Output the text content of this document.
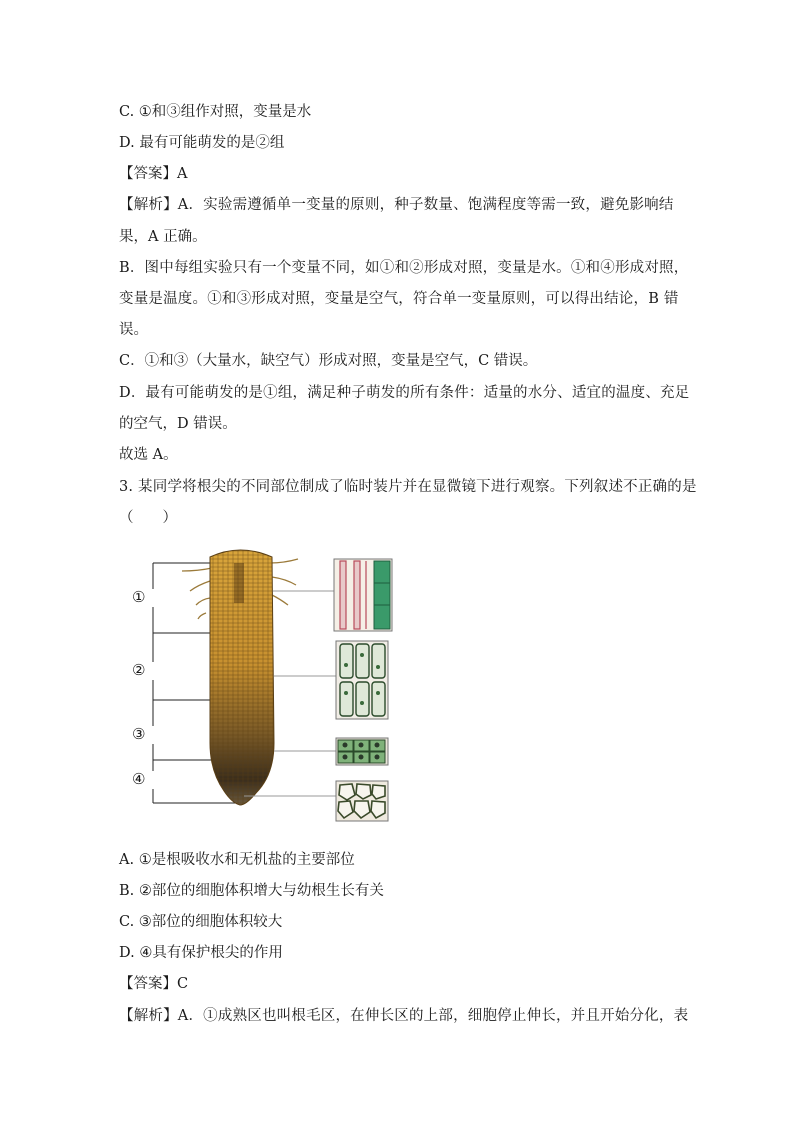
C. ①和③组作对照，变量是水
D. 最有可能萌发的是②组
【答案】A
【解析】A．实验需遵循单一变量的原则，种子数量、饱满程度等需一致，避免影响结
果，A 正确。
B．图中每组实验只有一个变量不同，如①和②形成对照，变量是水。①和④形成对照，
变量是温度。①和③形成对照，变量是空气，符合单一变量原则，可以得出结论，B 错
误。
C．①和③（大量水，缺空气）形成对照，变量是空气，C 错误。
D．最有可能萌发的是①组，满足种子萌发的所有条件：适量的水分、适宜的温度、充足
的空气，D 错误。
故选 A。
3. 某同学将根尖的不同部位制成了临时装片并在显微镜下进行观察。下列叙述不正确的是
（　　）
①
②
③
④
A. ①是根吸收水和无机盐的主要部位
B. ②部位的细胞体积增大与幼根生长有关
C. ③部位的细胞体积较大
D. ④具有保护根尖的作用
【答案】C
【解析】A．①成熟区也叫根毛区，在伸长区的上部，细胞停止伸长，并且开始分化，表
